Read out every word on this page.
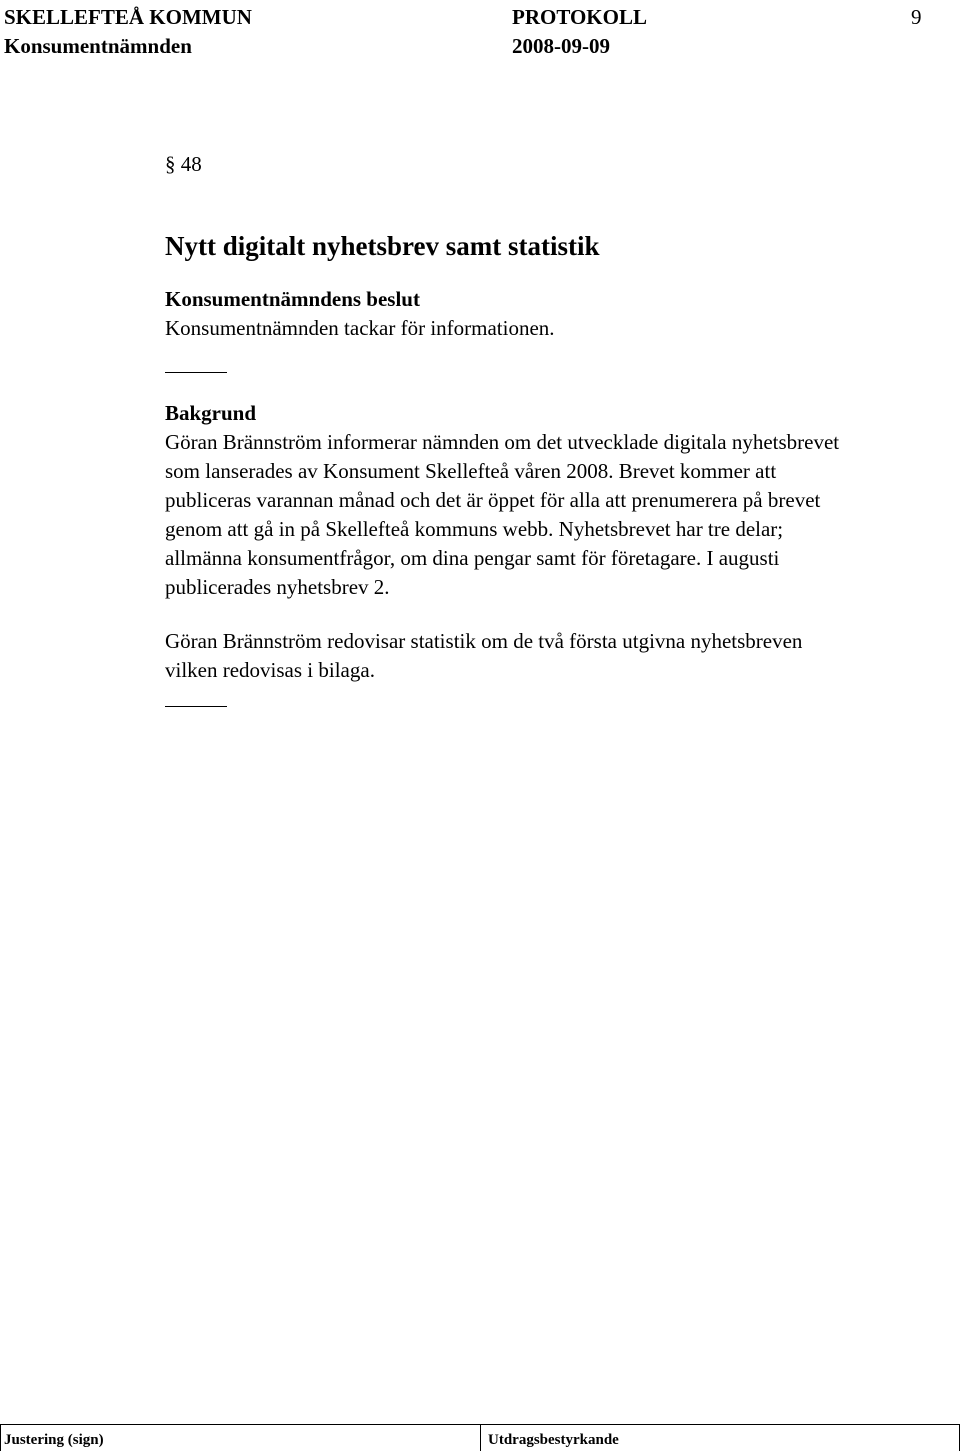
SKELLEFTEÅ KOMMUN	PROTOKOLL	9
Konsumentnämnden	2008-09-09
§ 48
Nytt digitalt nyhetsbrev samt statistik
Konsumentnämndens beslut

Konsumentnämnden tackar för informationen.

Bakgrund
Göran Brännström informerar nämnden om det utvecklade digitala nyhetsbrevet
som lanserades av Konsument Skellefteå våren 2008. Brevet kommer att
publiceras varannan månad och det är öppet för alla att prenumerera på brevet
genom att gå in på Skellefteå kommuns webb. Nyhetsbrevet har tre delar;
allmänna konsumentfrågor, om dina pengar samt för företagare. I augusti
publicerades nyhetsbrev 2.
Göran Brännström redovisar statistik om de två första utgivna nyhetsbreven
vilken redovisas i bilaga.
Justering (sign)	Utdragsbestyrkande
